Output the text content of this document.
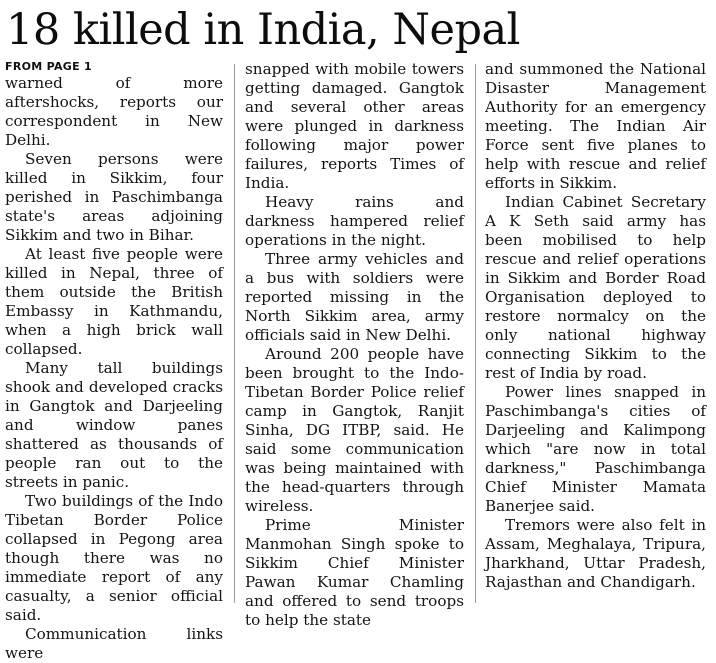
18 killed in India, Nepal
FROM PAGE 1

warned of more aftershocks, reports our correspondent in New Delhi.

Seven persons were killed in Sikkim, four perished in Paschimbanga state's areas adjoining Sikkim and two in Bihar.

At least five people were killed in Nepal, three of them outside the British Embassy in Kathmandu, when a high brick wall collapsed.

Many tall buildings shook and developed cracks in Gangtok and Darjeeling and window panes shattered as thousands of people ran out to the streets in panic.

Two buildings of the Indo Tibetan Border Police collapsed in Pegong area though there was no immediate report of any casualty, a senior official said.

Communication links were

snapped with mobile towers getting damaged. Gangtok and several other areas were plunged in darkness following major power failures, reports Times of India.

Heavy rains and darkness hampered relief operations in the night.

Three army vehicles and a bus with soldiers were reported missing in the North Sikkim area, army officials said in New Delhi.

Around 200 people have been brought to the Indo-Tibetan Border Police relief camp in Gangtok, Ranjit Sinha, DG ITBP, said. He said some communication was being maintained with the head-quarters through wireless.

Prime Minister Manmohan Singh spoke to Sikkim Chief Minister Pawan Kumar Chamling and offered to send troops to help the state

and summoned the National Disaster Management Authority for an emergency meeting. The Indian Air Force sent five planes to help with rescue and relief efforts in Sikkim.

Indian Cabinet Secretary A K Seth said army has been mobilised to help rescue and relief operations in Sikkim and Border Road Organisation deployed to restore normalcy on the only national highway connecting Sikkim to the rest of India by road.

Power lines snapped in Paschimbanga's cities of Darjeeling and Kalimpong which "are now in total darkness," Paschimbanga Chief Minister Mamata Banerjee said.

Tremors were also felt in Assam, Meghalaya, Tripura, Jharkhand, Uttar Pradesh, Rajasthan and Chandigarh.
